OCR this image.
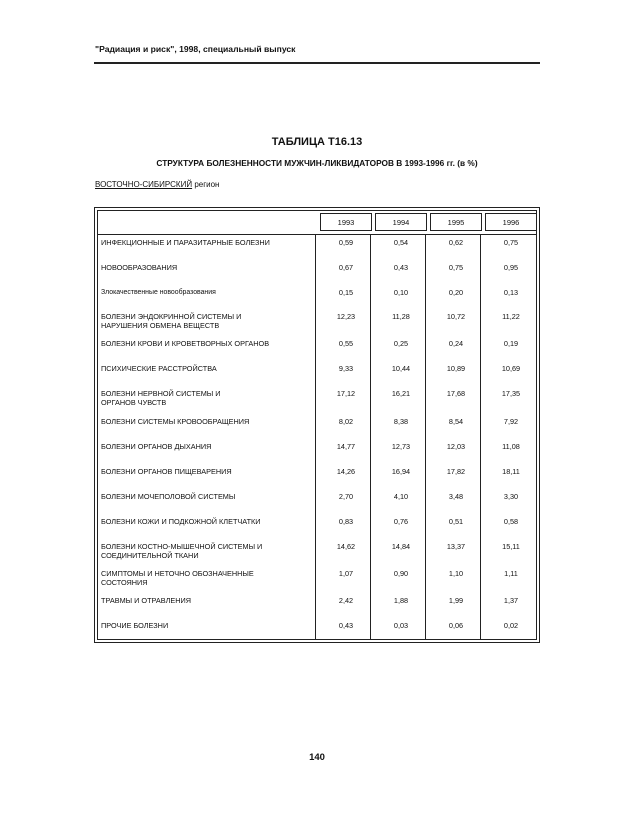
"Радиация и риск", 1998, специальный выпуск
ТАБЛИЦА Т16.13
СТРУКТУРА БОЛЕЗНЕННОСТИ МУЖЧИН-ЛИКВИДАТОРОВ В 1993-1996 гг. (в %)
ВОСТОЧНО-СИБИРСКИЙ регион
1993	1994	1995	1996
ИНФЕКЦИОННЫЕ И ПАРАЗИТАРНЫЕ БОЛЕЗНИ	0,59	0,54	0,62	0,75
НОВООБРАЗОВАНИЯ	0,67	0,43	0,75	0,95
Злокачественные новообразования	0,15	0,10	0,20	0,13
БОЛЕЗНИ ЭНДОКРИННОЙ СИСТЕМЫ И
НАРУШЕНИЯ ОБМЕНА ВЕЩЕСТВ
12,23	11,28	10,72	11,22
БОЛЕЗНИ КРОВИ И КРОВЕТВОРНЫХ ОРГАНОВ	0,55	0,25	0,24	0,19
ПСИХИЧЕСКИЕ РАССТРОЙСТВА	9,33	10,44	10,89	10,69
БОЛЕЗНИ НЕРВНОЙ СИСТЕМЫ И
ОРГАНОВ ЧУВСТВ
17,12	16,21	17,68	17,35
БОЛЕЗНИ СИСТЕМЫ КРОВООБРАЩЕНИЯ	8,02	8,38	8,54	7,92
БОЛЕЗНИ ОРГАНОВ ДЫХАНИЯ	14,77	12,73	12,03	11,08
БОЛЕЗНИ ОРГАНОВ ПИЩЕВАРЕНИЯ	14,26	16,94	17,82	18,11
БОЛЕЗНИ МОЧЕПОЛОВОЙ СИСТЕМЫ	2,70	4,10	3,48	3,30
БОЛЕЗНИ КОЖИ И ПОДКОЖНОЙ КЛЕТЧАТКИ	0,83	0,76	0,51	0,58
БОЛЕЗНИ КОСТНО-МЫШЕЧНОЙ СИСТЕМЫ И
СОЕДИНИТЕЛЬНОЙ ТКАНИ
14,62	14,84	13,37	15,11
СИМПТОМЫ И НЕТОЧНО ОБОЗНАЧЕННЫЕ
СОСТОЯНИЯ
1,07	0,90	1,10	1,11
ТРАВМЫ И ОТРАВЛЕНИЯ	2,42	1,88	1,99	1,37
ПРОЧИЕ БОЛЕЗНИ	0,43	0,03	0,06	0,02
140
